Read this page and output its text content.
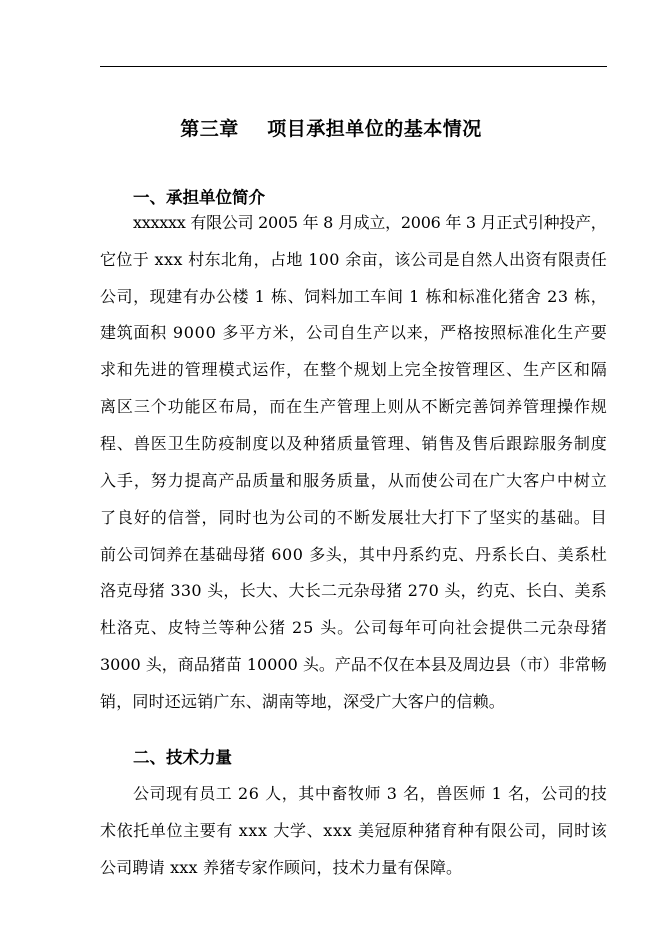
第三章    项目承担单位的基本情况
一、承担单位简介
xxxxxx 有限公司 2005 年 8 月成立，2006 年 3 月正式引种投产，
它位于 xxx 村东北角，占地 100 余亩，该公司是自然人出资有限责任
公司，现建有办公楼 1 栋、饲料加工车间 1 栋和标准化猪舍 23 栋，
建筑面积 9000 多平方米，公司自生产以来，严格按照标准化生产要
求和先进的管理模式运作，在整个规划上完全按管理区、生产区和隔
离区三个功能区布局，而在生产管理上则从不断完善饲养管理操作规
程、兽医卫生防疫制度以及种猪质量管理、销售及售后跟踪服务制度
入手，努力提高产品质量和服务质量，从而使公司在广大客户中树立
了良好的信誉，同时也为公司的不断发展壮大打下了坚实的基础。目
前公司饲养在基础母猪 600 多头，其中丹系约克、丹系长白、美系杜
洛克母猪 330 头，长大、大长二元杂母猪 270 头，约克、长白、美系
杜洛克、皮特兰等种公猪 25 头。公司每年可向社会提供二元杂母猪
3000 头，商品猪苗 10000 头。产品不仅在本县及周边县（市）非常畅
销，同时还远销广东、湖南等地，深受广大客户的信赖。
二、技术力量
公司现有员工 26 人，其中畜牧师 3 名，兽医师 1 名，公司的技
术依托单位主要有 xxx 大学、xxx 美冠原种猪育种有限公司，同时该
公司聘请 xxx 养猪专家作顾问，技术力量有保障。
